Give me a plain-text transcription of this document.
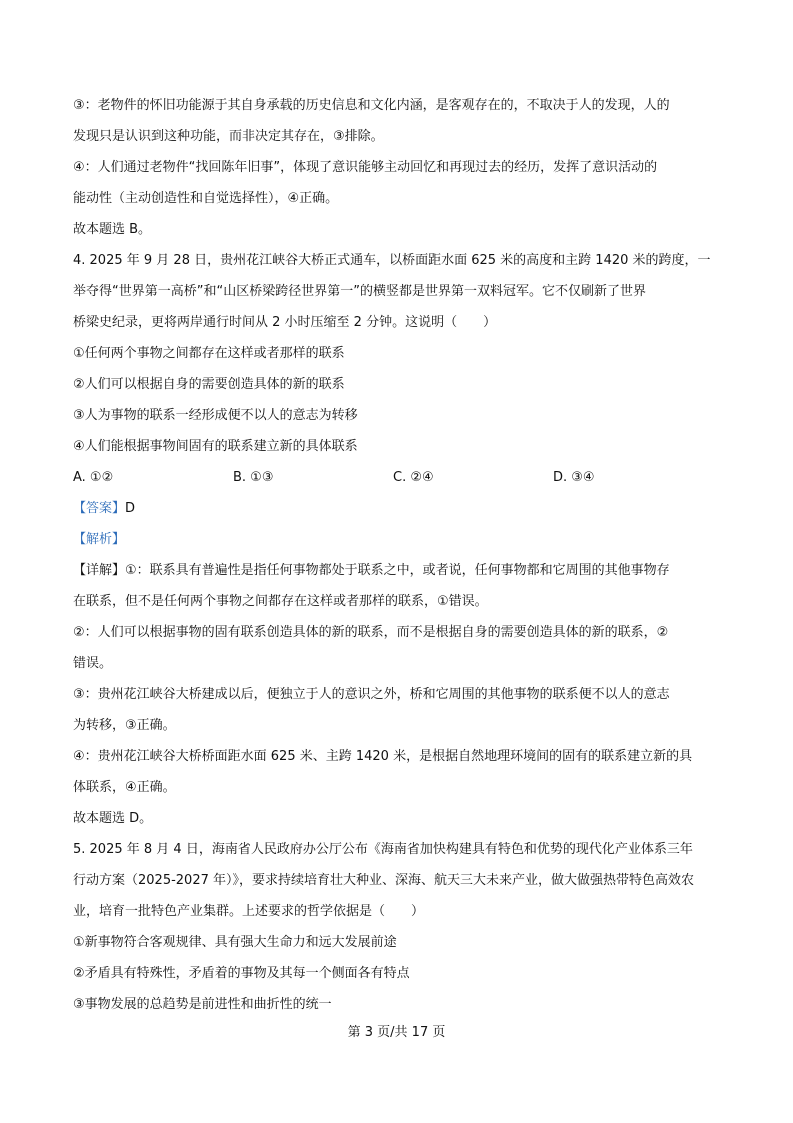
③：老物件的怀旧功能源于其自身承载的历史信息和文化内涵，是客观存在的，不取决于人的发现，人的
发现只是认识到这种功能，而非决定其存在，③排除。
④：人们通过老物件“找回陈年旧事”，体现了意识能够主动回忆和再现过去的经历，发挥了意识活动的
能动性（主动创造性和自觉选择性），④正确。
故本题选 B。
4. 2025 年 9 月 28 日，贵州花江峡谷大桥正式通车，以桥面距水面 625 米的高度和主跨 1420 米的跨度，一
举夺得“世界第一高桥”和“山区桥梁跨径世界第一”的横竖都是世界第一双料冠军。它不仅刷新了世界
桥梁史纪录，更将两岸通行时间从 2 小时压缩至 2 分钟。这说明（　　）
①任何两个事物之间都存在这样或者那样的联系
②人们可以根据自身的需要创造具体的新的联系
③人为事物的联系一经形成便不以人的意志为转移
④人们能根据事物间固有的联系建立新的具体联系
A. ①②	B. ①③	C. ②④	D. ③④
【答案】D
【解析】
【详解】①：联系具有普遍性是指任何事物都处于联系之中，或者说，任何事物都和它周围的其他事物存
在联系，但不是任何两个事物之间都存在这样或者那样的联系，①错误。
②：人们可以根据事物的固有联系创造具体的新的联系，而不是根据自身的需要创造具体的新的联系，②
错误。
③：贵州花江峡谷大桥建成以后，便独立于人的意识之外，桥和它周围的其他事物的联系便不以人的意志
为转移，③正确。
④：贵州花江峡谷大桥桥面距水面 625 米、主跨 1420 米，是根据自然地理环境间的固有的联系建立新的具
体联系，④正确。
故本题选 D。
5. 2025 年 8 月 4 日，海南省人民政府办公厅公布《海南省加快构建具有特色和优势的现代化产业体系三年
行动方案（2025-2027 年）》，要求持续培育壮大种业、深海、航天三大未来产业，做大做强热带特色高效农
业，培育一批特色产业集群。上述要求的哲学依据是（　　）
①新事物符合客观规律、具有强大生命力和远大发展前途
②矛盾具有特殊性，矛盾着的事物及其每一个侧面各有特点
③事物发展的总趋势是前进性和曲折性的统一
第 3 页/共 17 页
